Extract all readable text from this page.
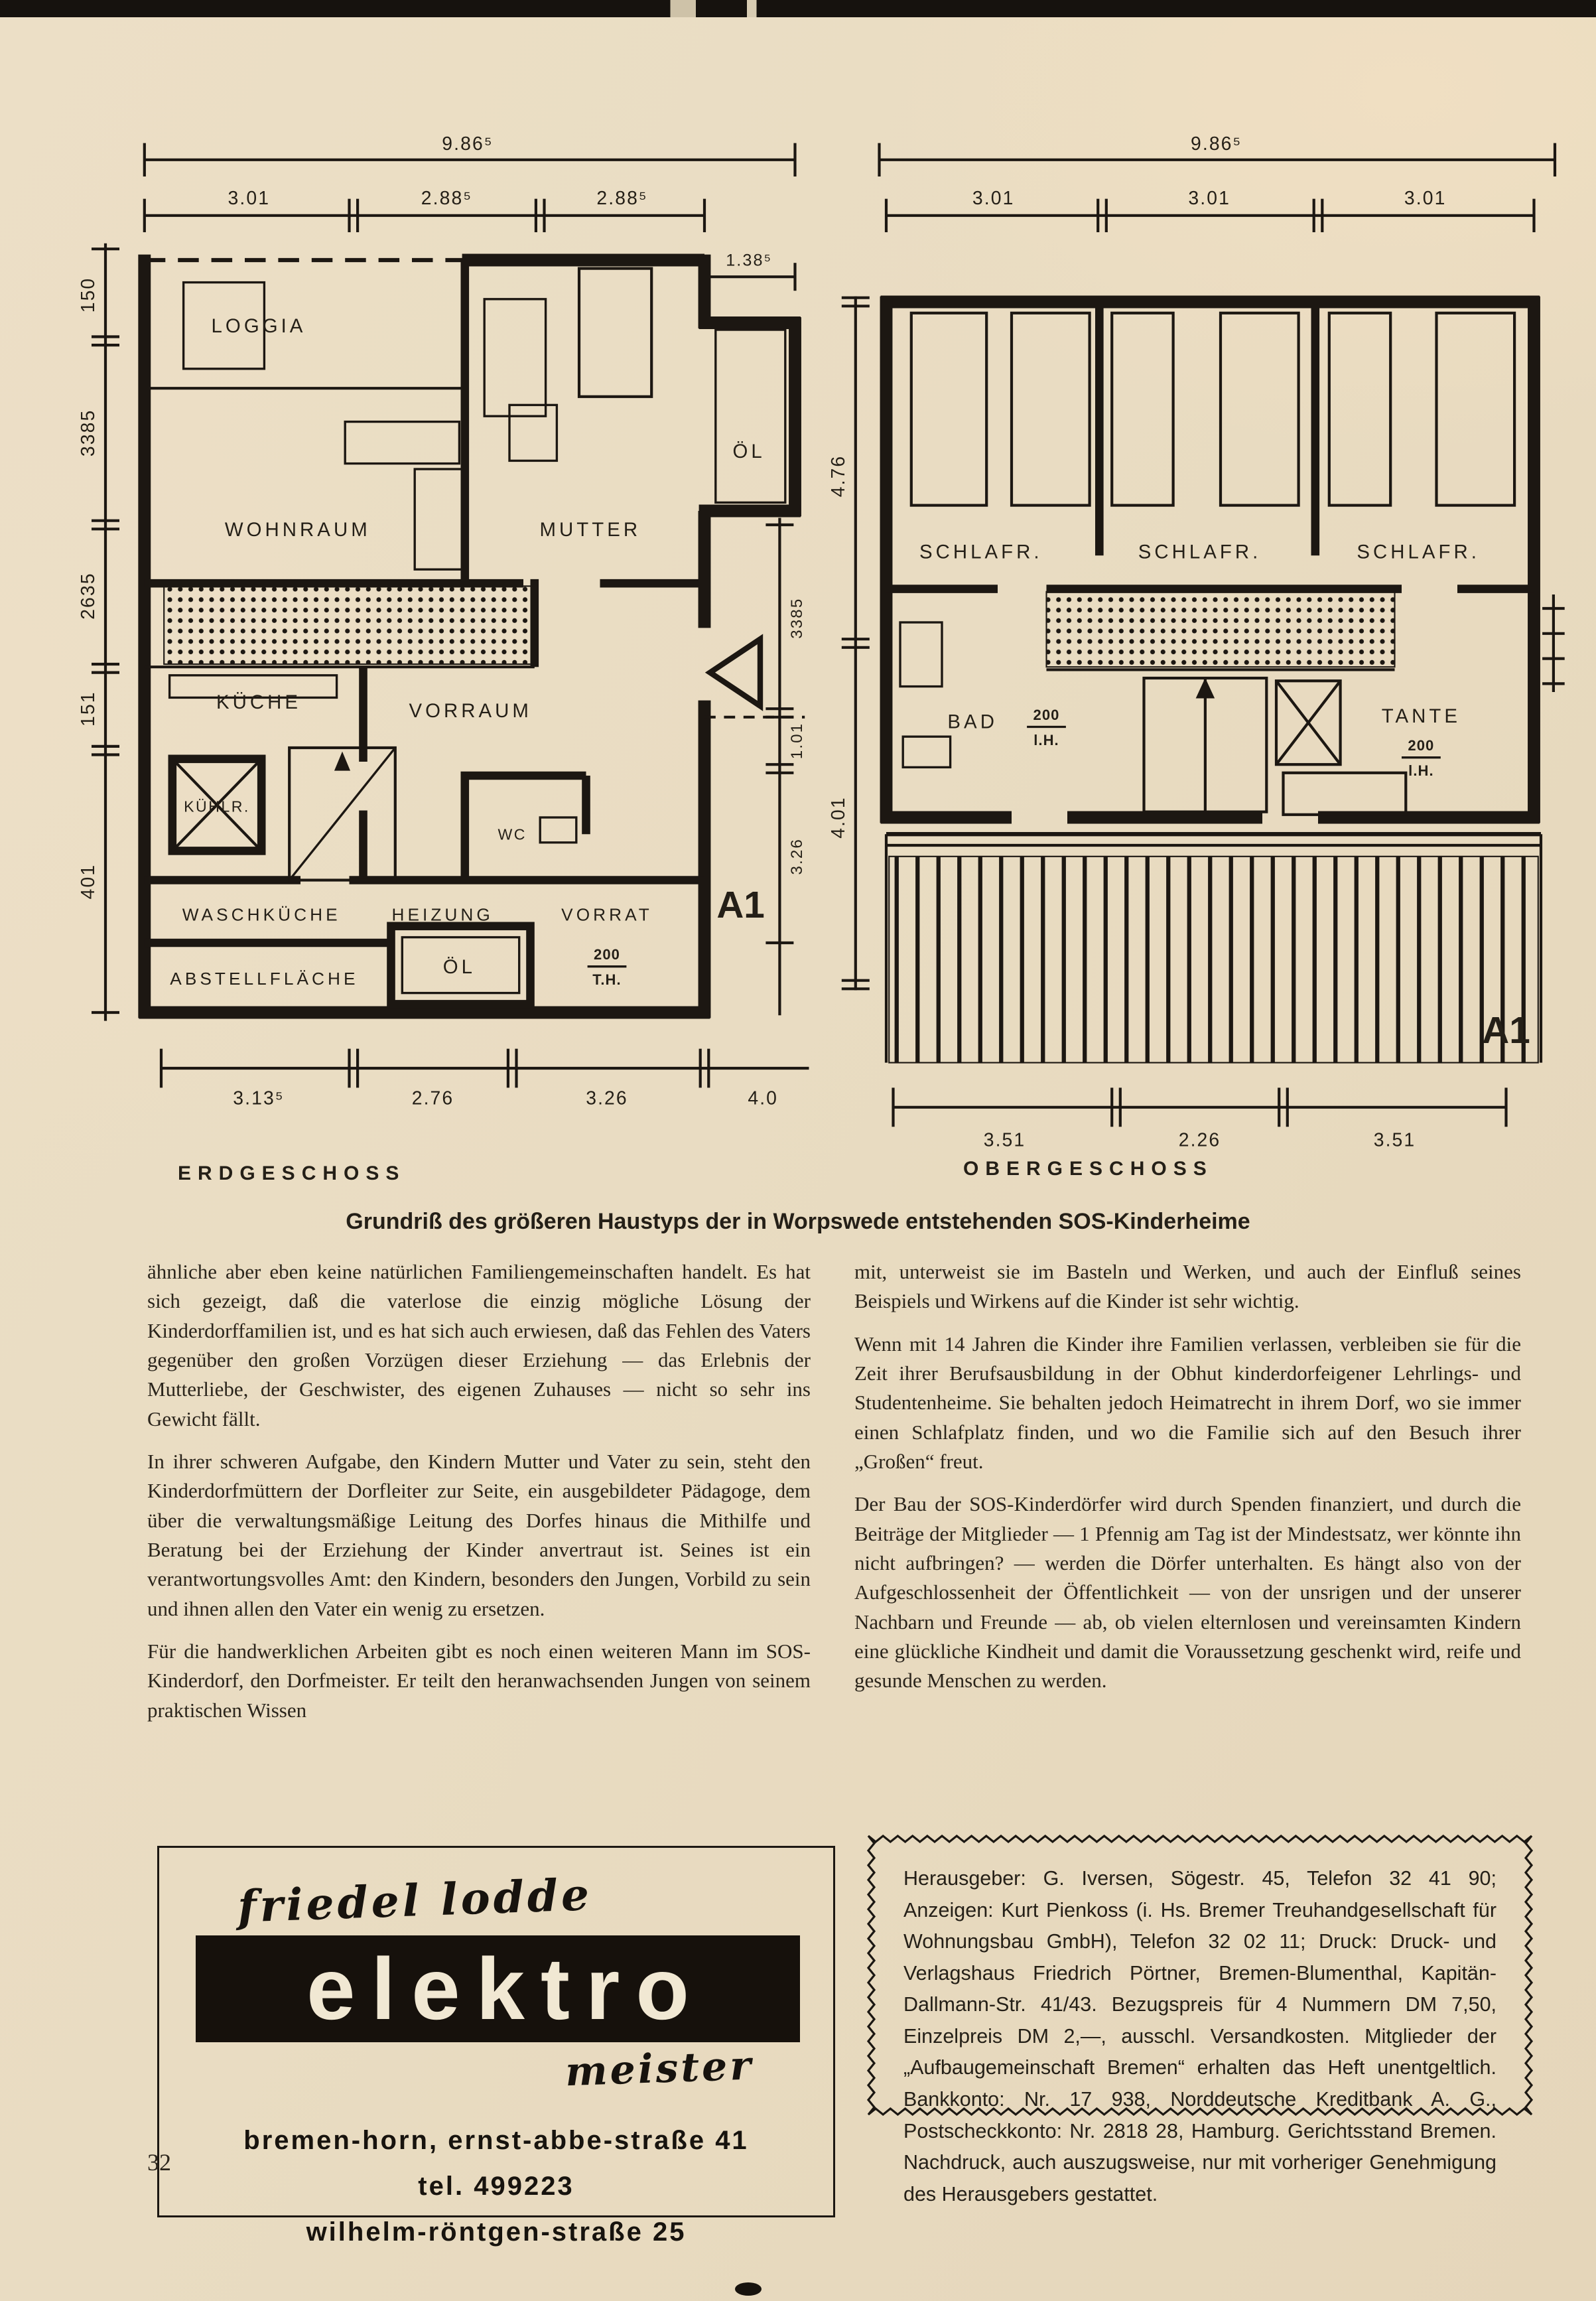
9.86⁵
3.01	2.88⁵	2.88⁵
1.38⁵
150
3385
2635
151
401
3385
1.01
3.26
3.13⁵	2.76	3.26	4.0
LOGGIA
WOHNRAUM	MUTTER
ÖL
KÜCHE
KÜHLR.
VORRAUM
WC
WASCHKÜCHE	HEIZUNG	VORRAT
200
T.H.
ABSTELLFLÄCHE
ÖL
A1
9.86⁵
3.01	3.01	3.01
4.76
4.01
3.51	2.26	3.51
SCHLAFR.	SCHLAFR.	SCHLAFR.
BAD	200
l.H.
TANTE
200
l.H.
A1
ERDGESCHOSS	OBERGESCHOSS
Grundriß des größeren Haustyps der in Worpswede entstehenden SOS-Kinderheime

ähnliche aber eben keine natürlichen Familiengemeinschaften handelt. Es hat sich gezeigt, daß die vaterlose die einzig mögliche Lösung der Kinderdorffamilien ist, und es hat sich auch erwiesen, daß das Fehlen des Vaters gegenüber den großen Vorzügen dieser Erziehung — das Erlebnis der Mutterliebe, der Geschwister, des eigenen Zuhauses — nicht so sehr ins Gewicht fällt.

In ihrer schweren Aufgabe, den Kindern Mutter und Vater zu sein, steht den Kinderdorfmüttern der Dorfleiter zur Seite, ein ausgebildeter Pädagoge, dem über die verwaltungsmäßige Leitung des Dorfes hinaus die Mithilfe und Beratung bei der Erziehung der Kinder anvertraut ist. Seines ist ein verantwortungsvolles Amt: den Kindern, besonders den Jungen, Vorbild zu sein und ihnen allen den Vater ein wenig zu ersetzen.

Für die handwerklichen Arbeiten gibt es noch einen weiteren Mann im SOS-Kinderdorf, den Dorfmeister. Er teilt den heranwachsenden Jungen von seinem praktischen Wissen

mit, unterweist sie im Basteln und Werken, und auch der Einfluß seines Beispiels und Wirkens auf die Kinder ist sehr wichtig.

Wenn mit 14 Jahren die Kinder ihre Familien verlassen, verbleiben sie für die Zeit ihrer Berufsausbildung in der Obhut kinderdorfeigener Lehrlings- und Studentenheime. Sie behalten jedoch Heimatrecht in ihrem Dorf, wo sie immer einen Schlafplatz finden, und wo die Familie sich auf den Besuch ihrer „Großen“ freut.

Der Bau der SOS-Kinderdörfer wird durch Spenden finanziert, und durch die Beiträge der Mitglieder — 1 Pfennig am Tag ist der Mindestsatz, wer könnte ihn nicht aufbringen? — werden die Dörfer unterhalten. Es hängt also von der Aufgeschlossenheit der Öffentlichkeit — von der unsrigen und der unserer Nachbarn und Freunde — ab, ob vielen elternlosen und vereinsamten Kindern eine glückliche Kindheit und damit die Voraussetzung geschenkt wird, reife und gesunde Menschen zu werden.

friedel lodde
elektro
meister
bremen-horn, ernst-abbe-straße 41
tel. 499223
wilhelm-röntgen-straße 25
Herausgeber: G. Iversen, Sögestr. 45, Telefon 32 41 90; Anzeigen: Kurt Pienkoss (i. Hs. Bremer Treuhandgesellschaft für Wohnungsbau GmbH), Telefon 32 02 11; Druck: Druck- und Verlagshaus Friedrich Pörtner, Bremen-Blumenthal, Kapitän-Dallmann-Str. 41/43. Bezugspreis für 4 Nummern DM 7,50, Einzelpreis DM 2,—, ausschl. Versandkosten. Mitglieder der „Aufbaugemeinschaft Bremen“ erhalten das Heft unentgeltlich. Bankkonto: Nr. 17 938, Norddeutsche Kreditbank A. G., Postscheckkonto: Nr. 2818 28, Hamburg. Gerichtsstand Bremen. Nachdruck, auch auszugsweise, nur mit vorheriger Genehmigung des Herausgebers gestattet.
32
